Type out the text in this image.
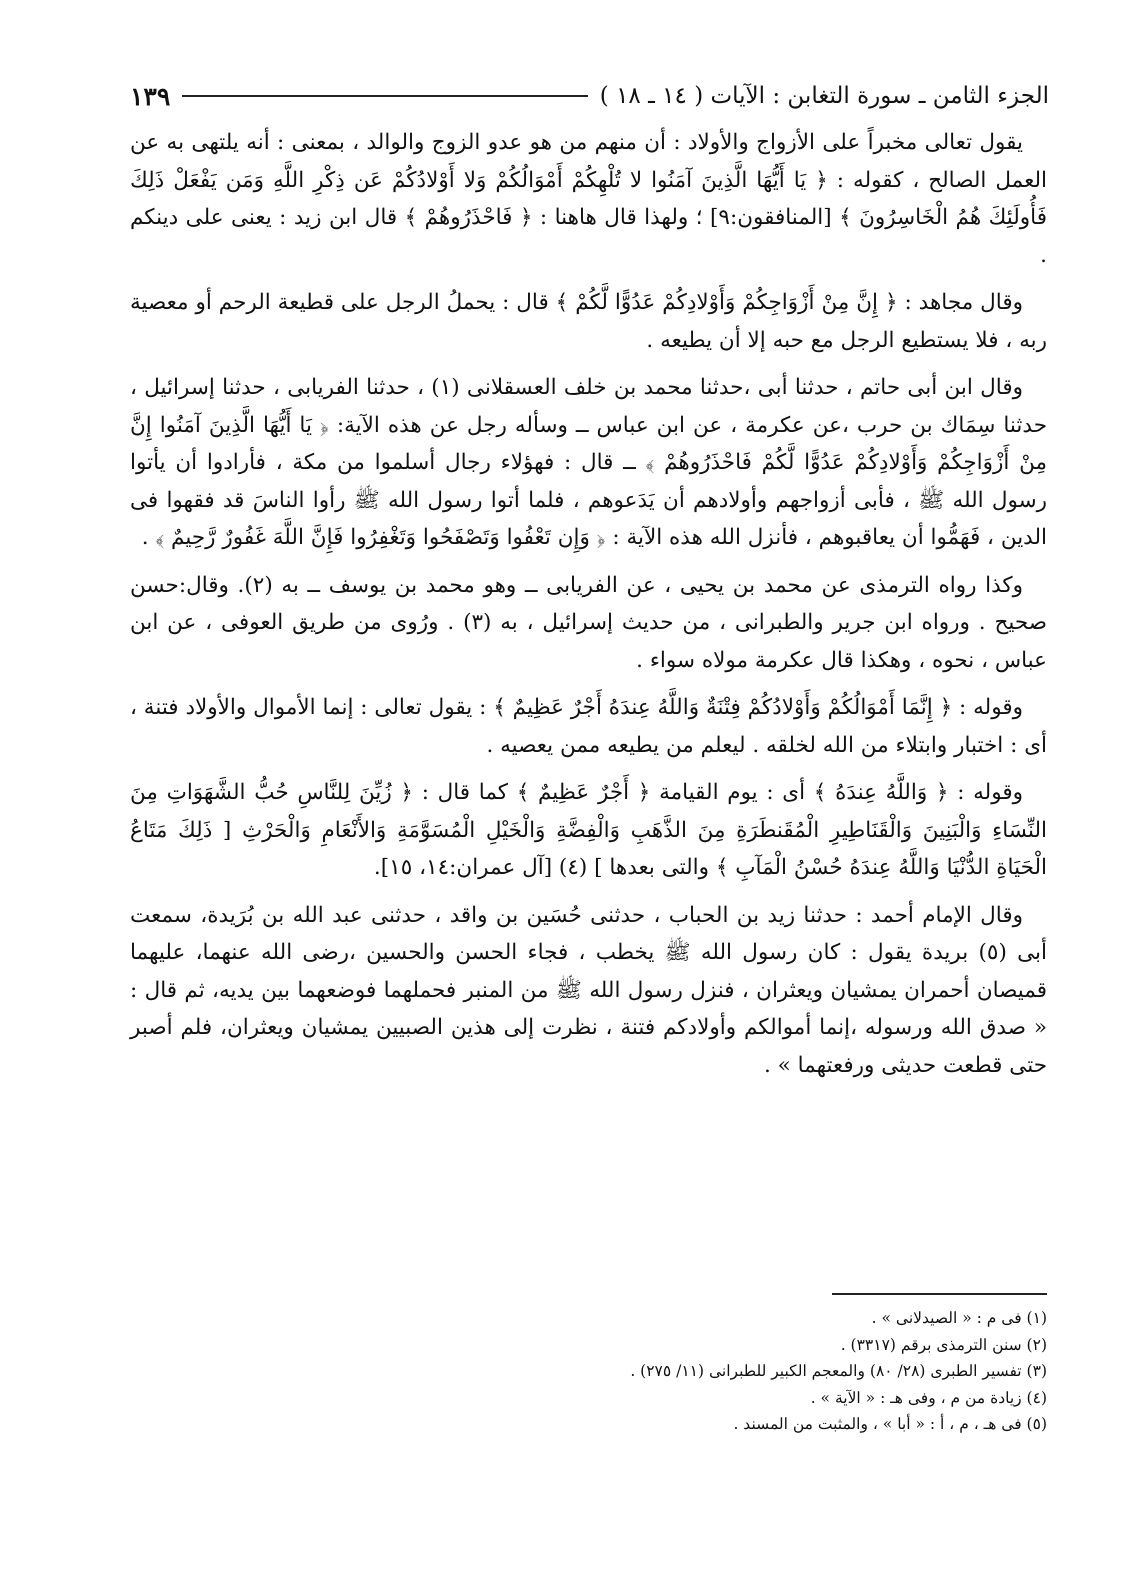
الجزء الثامن ـ سورة التغابن : الآيات ( ١٤ ـ ١٨ )
١٣٩

يقول تعالى مخبراً على الأزواج والأولاد : أن منهم من هو عدو الزوج والوالد ، بمعنى : أنه يلتهى به عن العمل الصالح ، كقوله : ﴿ يَا أَيُّهَا الَّذِينَ آمَنُوا لا تُلْهِكُمْ أَمْوَالُكُمْ وَلا أَوْلادُكُمْ عَن ذِكْرِ اللَّهِ وَمَن يَفْعَلْ ذَلِكَ فَأُولَئِكَ هُمُ الْخَاسِرُونَ ﴾ [المنافقون:٩] ؛ ولهذا قال هاهنا : ﴿ فَاحْذَرُوهُمْ ﴾ قال ابن زيد : يعنى على دينكم .

وقال مجاهد : ﴿ إِنَّ مِنْ أَزْوَاجِكُمْ وَأَوْلادِكُمْ عَدُوًّا لَّكُمْ ﴾ قال : يحملُ الرجل على قطيعة الرحم أو معصية ربه ، فلا يستطيع الرجل مع حبه إلا أن يطيعه .

وقال ابن أبى حاتم ، حدثنا أبى ،حدثنا محمد بن خلف العسقلانى (١) ، حدثنا الفريابى ، حدثنا إسرائيل ، حدثنا سِمَاك بن حرب ،عن عكرمة ، عن ابن عباس ــ وسأله رجل عن هذه الآية: ﴿ يَا أَيُّهَا الَّذِينَ آمَنُوا إِنَّ مِنْ أَزْوَاجِكُمْ وَأَوْلادِكُمْ عَدُوًّا لَّكُمْ فَاحْذَرُوهُمْ ﴾ ــ قال : فهؤلاء رجال أسلموا من مكة ، فأرادوا أن يأتوا رسول الله ﷺ ، فأبى أزواجهم وأولادهم أن يَدَعوهم ، فلما أتوا رسول الله ﷺ رأوا الناسَ قد فقهوا فى الدين ، فَهَمُّوا أن يعاقبوهم ، فأنزل الله هذه الآية : ﴿ وَإِن تَعْفُوا وَتَصْفَحُوا وَتَغْفِرُوا فَإِنَّ اللَّهَ غَفُورٌ رَّحِيمٌ ﴾ .

وكذا رواه الترمذى عن محمد بن يحيى ، عن الفريابى ــ وهو محمد بن يوسف ــ به (٢). وقال:حسن صحيح . ورواه ابن جرير والطبرانى ، من حديث إسرائيل ، به (٣) . ورُوى من طريق العوفى ، عن ابن عباس ، نحوه ، وهكذا قال عكرمة مولاه سواء .

وقوله : ﴿ إِنَّمَا أَمْوَالُكُمْ وَأَوْلادُكُمْ فِتْنَةٌ وَاللَّهُ عِندَهُ أَجْرٌ عَظِيمٌ ﴾ : يقول تعالى : إنما الأموال والأولاد فتنة ، أى : اختبار وابتلاء من الله لخلقه . ليعلم من يطيعه ممن يعصيه .

وقوله : ﴿ وَاللَّهُ عِندَهُ ﴾ أى : يوم القيامة ﴿ أَجْرٌ عَظِيمٌ ﴾ كما قال : ﴿ زُيِّنَ لِلنَّاسِ حُبُّ الشَّهَوَاتِ مِنَ النِّسَاءِ وَالْبَنِينَ وَالْقَنَاطِيرِ الْمُقَنطَرَةِ مِنَ الذَّهَبِ وَالْفِضَّةِ وَالْخَيْلِ الْمُسَوَّمَةِ وَالأَنْعَامِ وَالْحَرْثِ [ ذَلِكَ مَتَاعُ الْحَيَاةِ الدُّنْيَا وَاللَّهُ عِندَهُ حُسْنُ الْمَآبِ ﴾ والتى بعدها ] (٤) [آل عمران:١٤، ١٥].

وقال الإمام أحمد : حدثنا زيد بن الحباب ، حدثنى حُسَين بن واقد ، حدثنى عبد الله بن بُرَيدة، سمعت أبى (٥) بريدة يقول : كان رسول الله ﷺ يخطب ، فجاء الحسن والحسين ،رضى الله عنهما، عليهما قميصان أحمران يمشيان ويعثران ، فنزل رسول الله ﷺ من المنبر فحملهما فوضعهما بين يديه، ثم قال : « صدق الله ورسوله ،إنما أموالكم وأولادكم فتنة ، نظرت إلى هذين الصبيين يمشيان ويعثران، فلم أصبر حتى قطعت حديثى ورفعتهما » .

(١) فى م : « الصيدلانى » .
(٢) سنن الترمذى برقم (٣٣١٧) .
(٣) تفسير الطبرى (٢٨/ ٨٠) والمعجم الكبير للطبرانى (١١/ ٢٧٥) .
(٤) زيادة من م ، وفى هـ : « الآية » .
(٥) فى هـ ، م ، أ : « أبا » ، والمثبت من المسند .
